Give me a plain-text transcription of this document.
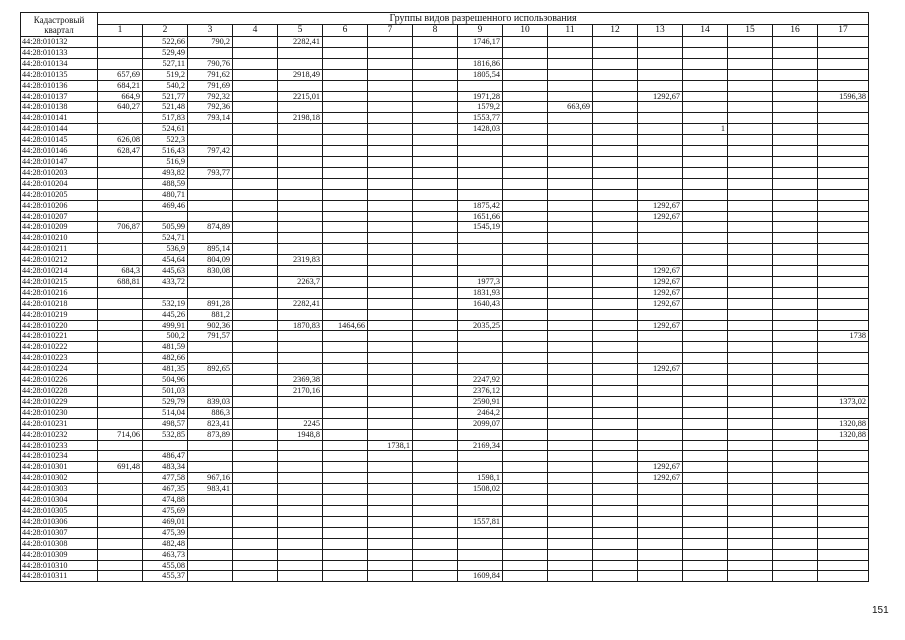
Кадастровый квартал	Группы видов разрешенного использования																
	1	2	3	4	5	6	7	8	9	10	11	12	13	14	15	16	17
44:28:010132		522,66	790,2		2282,41				1746,17								
44:28:010133		529,49															
44:28:010134		527,11	790,76						1816,86								
44:28:010135	657,69	519,2	791,62		2918,49				1805,54								
44:28:010136	684,21	540,2	791,69														
44:28:010137	664,9	521,77	792,32		2215,01				1971,28				1292,67				1596,38
44:28:010138	640,27	521,48	792,36						1579,2		663,69						
44:28:010141		517,83	793,14		2198,18				1553,77								
44:28:010144		524,61							1428,03					1			
44:28:010145	626,08	522,3															
44:28:010146	628,47	516,43	797,42														
44:28:010147		516,9															
44:28:010203		493,82	793,77														
44:28:010204		488,59															
44:28:010205		480,71															
44:28:010206		469,46							1875,42				1292,67				
44:28:010207									1651,66				1292,67				
44:28:010209	706,87	505,99	874,89						1545,19								
44:28:010210		524,71															
44:28:010211		536,9	895,14														
44:28:010212		454,64	804,09		2319,83												
44:28:010214	684,3	445,63	830,08										1292,67				
44:28:010215	688,81	433,72			2263,7				1977,3				1292,67				
44:28:010216									1831,93				1292,67				
44:28:010218		532,19	891,28		2282,41				1640,43				1292,67				
44:28:010219		445,26	881,2														
44:28:010220		499,91	902,36		1870,83	1464,66			2035,25				1292,67				
44:28:010221		500,2	791,57														1738
44:28:010222		481,59															
44:28:010223		482,66															
44:28:010224		481,35	892,65										1292,67				
44:28:010226		504,96			2369,38				2247,92								
44:28:010228		501,03			2170,16				2376,12								
44:28:010229		529,79	839,03						2590,91								1373,02
44:28:010230		514,04	886,3						2464,2								
44:28:010231		498,57	823,41		2245				2099,07								1320,88
44:28:010232	714,06	532,85	873,89		1948,8												1320,88
44:28:010233							1738,1		2169,34								
44:28:010234		486,47															
44:28:010301	691,48	483,34											1292,67				
44:28:010302		477,58	967,16						1598,1				1292,67				
44:28:010303		467,35	983,41						1508,02								
44:28:010304		474,88															
44:28:010305		475,69															
44:28:010306		469,01							1557,81								
44:28:010307		475,39															
44:28:010308		482,48															
44:28:010309		463,73															
44:28:010310		455,08															
44:28:010311		455,37							1609,84								
151
